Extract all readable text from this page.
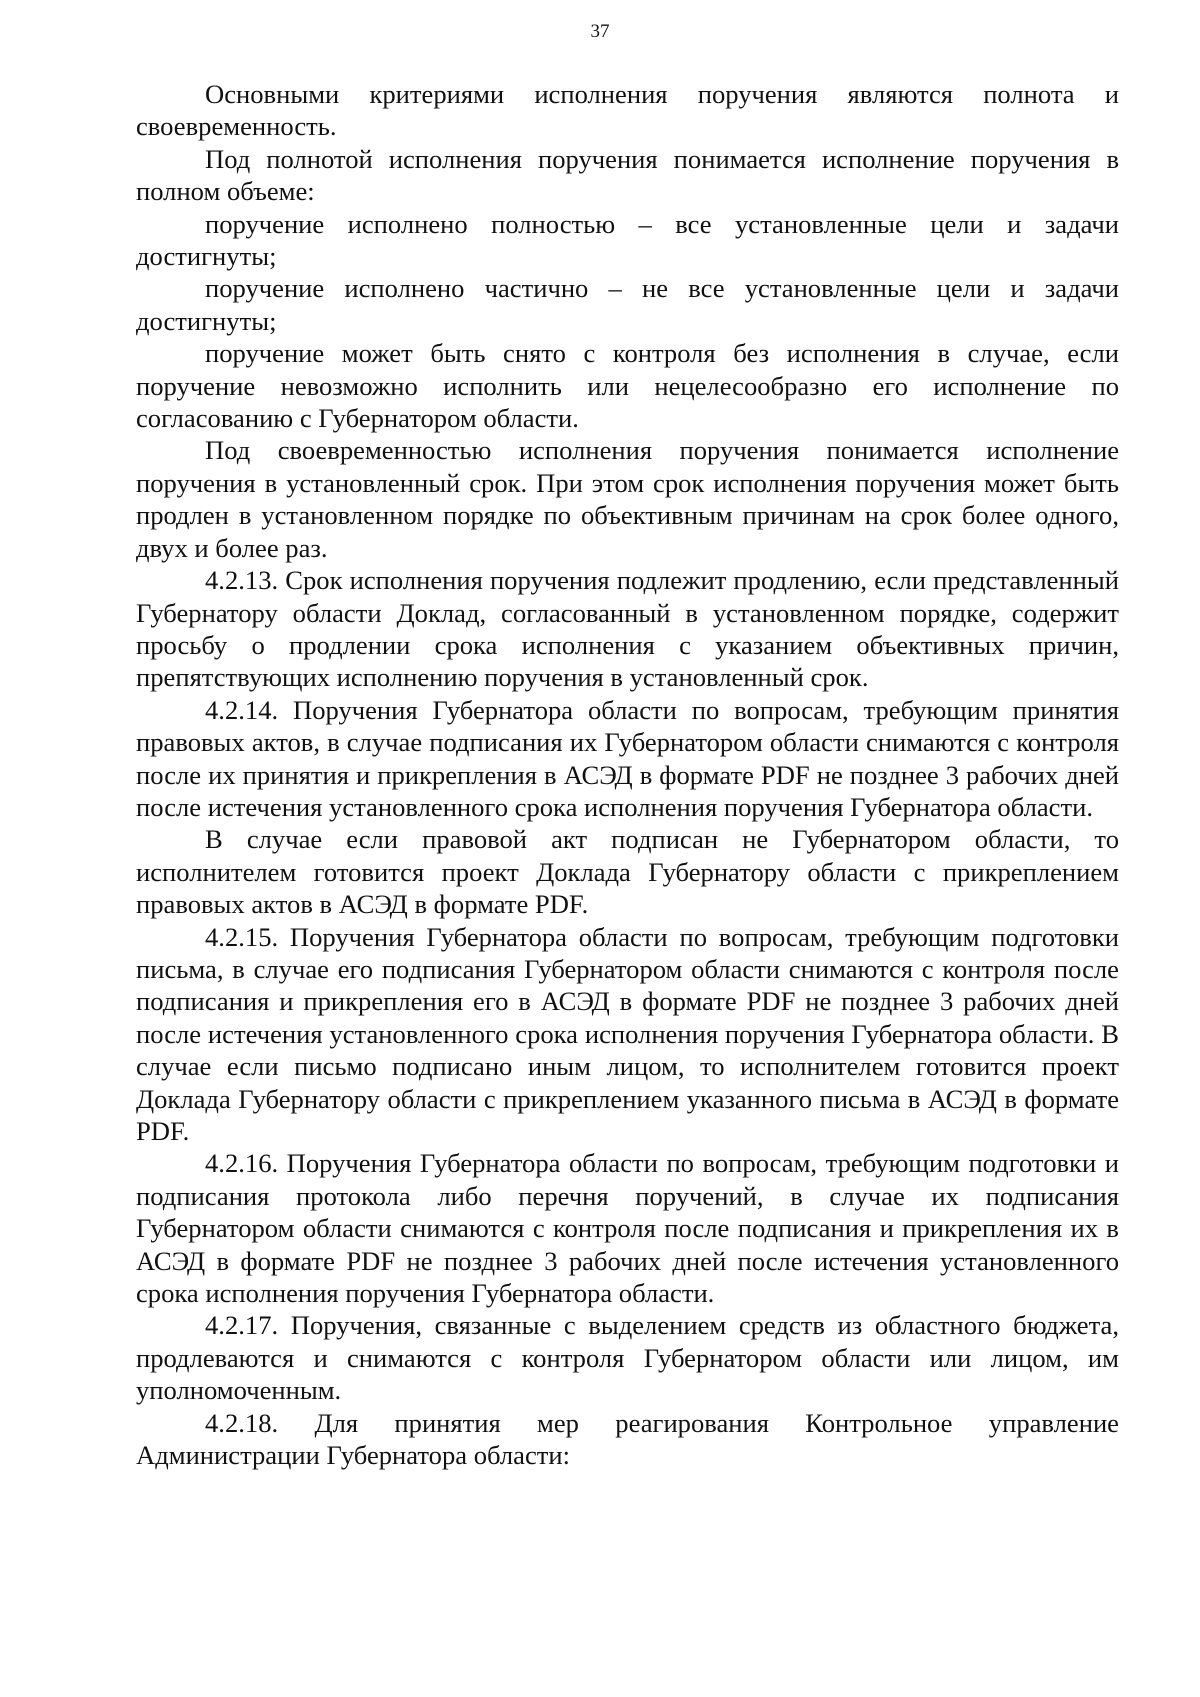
37

Основными критериями исполнения поручения являются полнота и своевременность.

Под полнотой исполнения поручения понимается исполнение поручения в полном объеме:

поручение исполнено полностью – все установленные цели и задачи достигнуты;

поручение исполнено частично – не все установленные цели и задачи достигнуты;

поручение может быть снято с контроля без исполнения в случае, если поручение невозможно исполнить или нецелесообразно его исполнение по согласованию с Губернатором области.

Под своевременностью исполнения поручения понимается исполнение поручения в установленный срок. При этом срок исполнения поручения может быть продлен в установленном порядке по объективным причинам на срок более одного, двух и более раз.

4.2.13. Срок исполнения поручения подлежит продлению, если представленный Губернатору области Доклад, согласованный в установленном порядке, содержит просьбу о продлении срока исполнения с указанием объективных причин, препятствующих исполнению поручения в установленный срок.

4.2.14. Поручения Губернатора области по вопросам, требующим принятия правовых актов, в случае подписания их Губернатором области снимаются с контроля после их принятия и прикрепления в АСЭД в формате PDF не позднее 3 рабочих дней после истечения установленного срока исполнения поручения Губернатора области.

В случае если правовой акт подписан не Губернатором области, то исполнителем готовится проект Доклада Губернатору области с прикреплением правовых актов в АСЭД в формате PDF.

4.2.15. Поручения Губернатора области по вопросам, требующим подготовки письма, в случае его подписания Губернатором области снимаются с контроля после подписания и прикрепления его в АСЭД в формате PDF не позднее 3 рабочих дней после истечения установленного срока исполнения поручения Губернатора области. В случае если письмо подписано иным лицом, то исполнителем готовится проект Доклада Губернатору области с прикреплением указанного письма в АСЭД в формате PDF.

4.2.16. Поручения Губернатора области по вопросам, требующим подготовки и подписания протокола либо перечня поручений, в случае их подписания Губернатором области снимаются с контроля после подписания и прикрепления их в АСЭД в формате PDF не позднее 3 рабочих дней после истечения установленного срока исполнения поручения Губернатора области.

4.2.17. Поручения, связанные с выделением средств из областного бюджета, продлеваются и снимаются с контроля Губернатором области или лицом, им уполномоченным.

4.2.18. Для принятия мер реагирования Контрольное управление Администрации Губернатора области:
